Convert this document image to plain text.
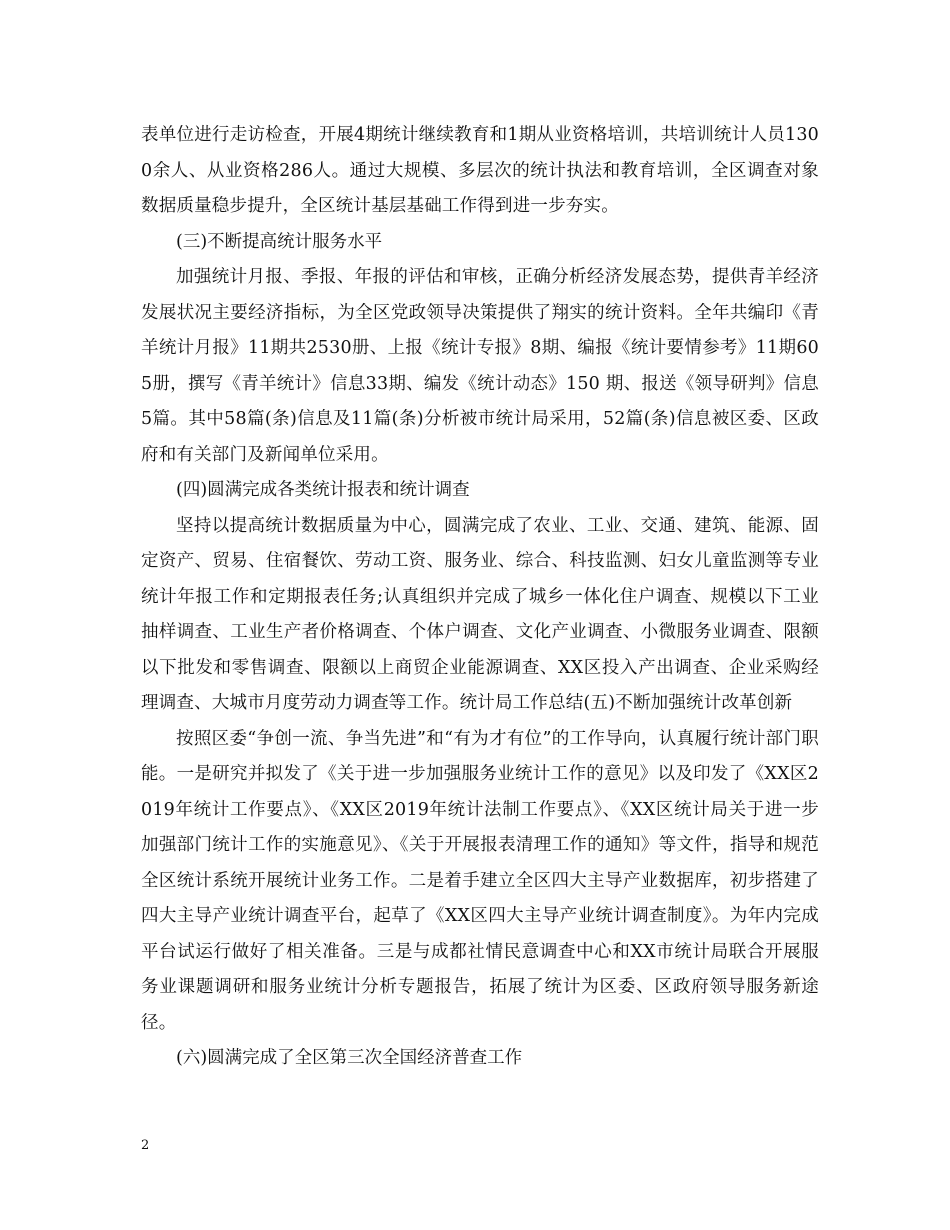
表单位进行走访检查，开展4期统计继续教育和1期从业资格培训，共培训统计人员1300余人、从业资格286人。通过大规模、多层次的统计执法和教育培训，全区调查对象数据质量稳步提升，全区统计基层基础工作得到进一步夯实。

(三)不断提高统计服务水平

加强统计月报、季报、年报的评估和审核，正确分析经济发展态势，提供青羊经济发展状况主要经济指标，为全区党政领导决策提供了翔实的统计资料。全年共编印《青羊统计月报》11期共2530册、上报《统计专报》8期、编报《统计要情参考》11期605册，撰写《青羊统计》信息33期、编发《统计动态》150 期、报送《领导研判》信息5篇。其中58篇(条)信息及11篇(条)分析被市统计局采用，52篇(条)信息被区委、区政府和有关部门及新闻单位采用。

(四)圆满完成各类统计报表和统计调查

坚持以提高统计数据质量为中心，圆满完成了农业、工业、交通、建筑、能源、固定资产、贸易、住宿餐饮、劳动工资、服务业、综合、科技监测、妇女儿童监测等专业统计年报工作和定期报表任务;认真组织并完成了城乡一体化住户调查、规模以下工业抽样调查、工业生产者价格调查、个体户调查、文化产业调查、小微服务业调查、限额以下批发和零售调查、限额以上商贸企业能源调查、XX区投入产出调查、企业采购经理调查、大城市月度劳动力调查等工作。统计局工作总结(五)不断加强统计改革创新

按照区委“争创一流、争当先进”和“有为才有位”的工作导向，认真履行统计部门职能。一是研究并拟发了《关于进一步加强服务业统计工作的意见》以及印发了《XX区2019年统计工作要点》、《XX区2019年统计法制工作要点》、《XX区统计局关于进一步加强部门统计工作的实施意见》、《关于开展报表清理工作的通知》等文件，指导和规范全区统计系统开展统计业务工作。二是着手建立全区四大主导产业数据库，初步搭建了四大主导产业统计调查平台，起草了《XX区四大主导产业统计调查制度》。为年内完成平台试运行做好了相关准备。三是与成都社情民意调查中心和XX市统计局联合开展服务业课题调研和服务业统计分析专题报告，拓展了统计为区委、区政府领导服务新途径。

(六)圆满完成了全区第三次全国经济普查工作

2
